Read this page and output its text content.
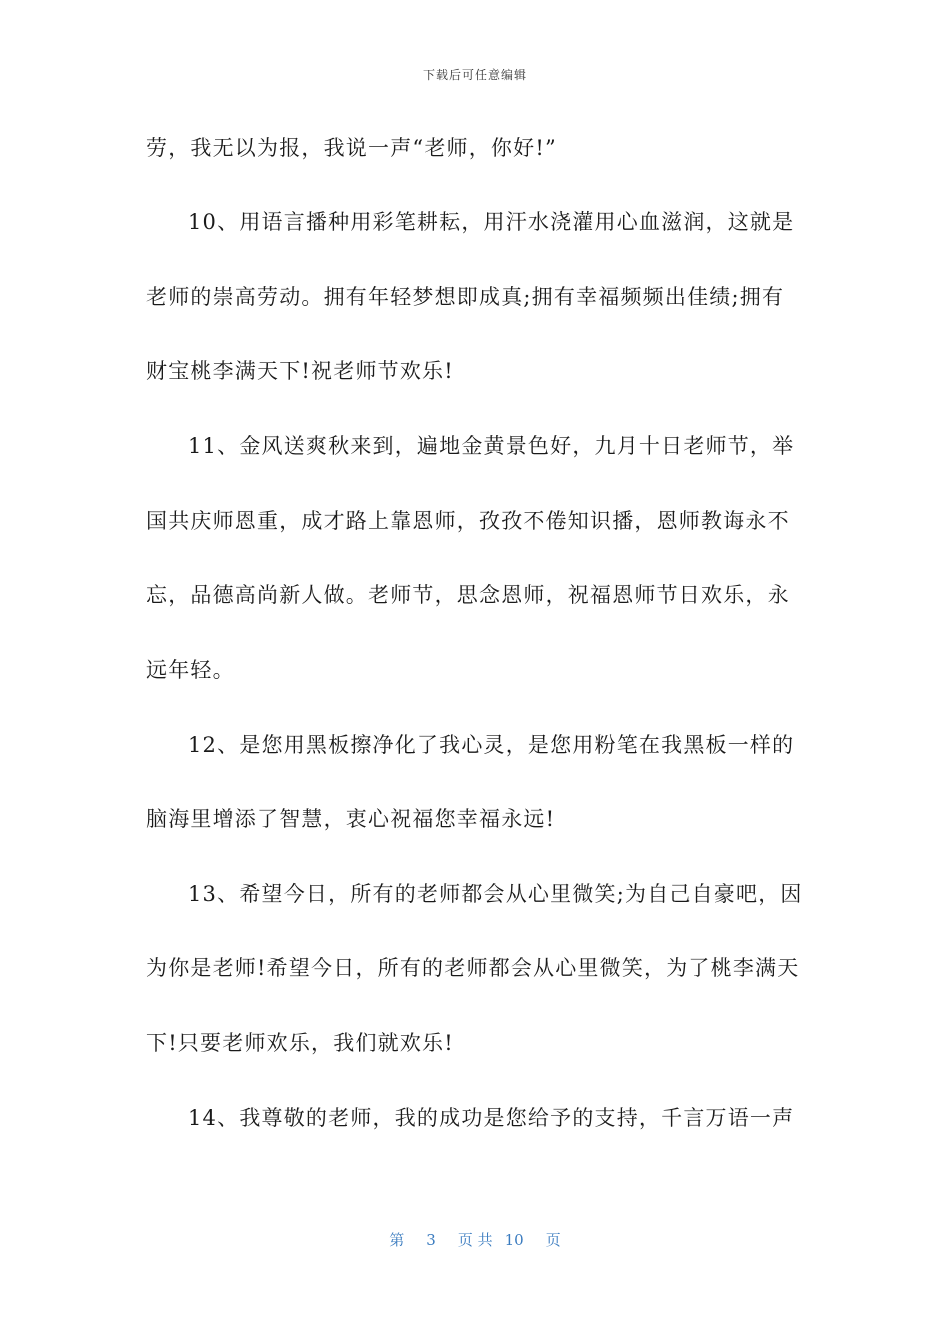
下载后可任意编辑
劳，我无以为报，我说一声“老师，你好!”
10、用语言播种用彩笔耕耘，用汗水浇灌用心血滋润，这就是
老师的崇高劳动。拥有年轻梦想即成真;拥有幸福频频出佳绩;拥有
财宝桃李满天下!祝老师节欢乐!
11、金风送爽秋来到，遍地金黄景色好，九月十日老师节，举
国共庆师恩重，成才路上靠恩师，孜孜不倦知识播，恩师教诲永不
忘，品德高尚新人做。老师节，思念恩师，祝福恩师节日欢乐，永
远年轻。
12、是您用黑板擦净化了我心灵，是您用粉笔在我黑板一样的
脑海里增添了智慧，衷心祝福您幸福永远!
13、希望今日，所有的老师都会从心里微笑;为自己自豪吧，因
为你是老师!希望今日，所有的老师都会从心里微笑，为了桃李满天
下!只要老师欢乐，我们就欢乐!
14、我尊敬的老师，我的成功是您给予的支持，千言万语一声
第 3 页 共 10 页
